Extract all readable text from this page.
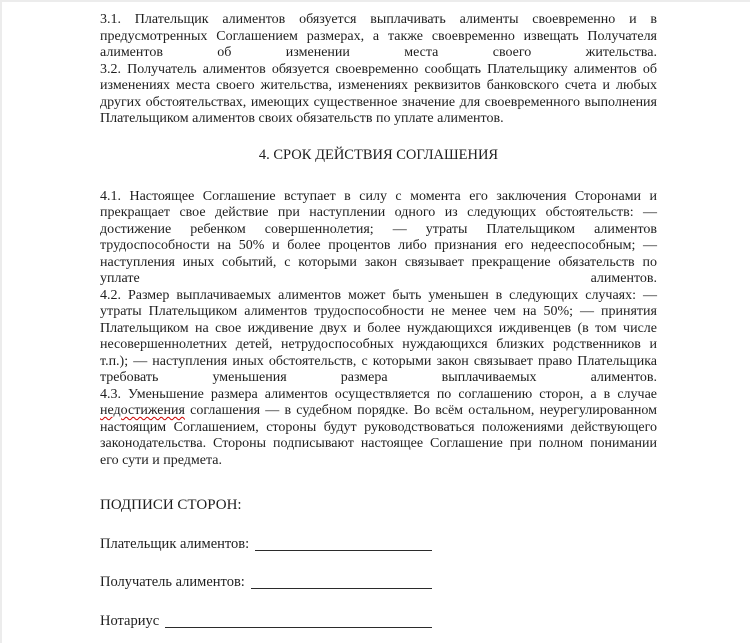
3.1. Плательщик алиментов обязуется выплачивать алименты своевременно и в
предусмотренных Соглашением размерах, а также своевременно извещать Получателя
алиментов об изменении места своего жительства.
3.2. Получатель алиментов обязуется своевременно сообщать Плательщику алиментов об
изменениях места своего жительства, изменениях реквизитов банковского счета и любых
других обстоятельствах, имеющих существенное значение для своевременного выполнения
Плательщиком алиментов своих обязательств по уплате алиментов.
4. СРОК ДЕЙСТВИЯ СОГЛАШЕНИЯ
4.1. Настоящее Соглашение вступает в силу с момента его заключения Сторонами и
прекращает свое действие при наступлении одного из следующих обстоятельств: —
достижение ребенком совершеннолетия; — утраты Плательщиком алиментов
трудоспособности на 50% и более процентов либо признания его недееспособным; —
наступления иных событий, с которыми закон связывает прекращение обязательств по
уплате алиментов.
4.2. Размер выплачиваемых алиментов может быть уменьшен в следующих случаях: —
утраты Плательщиком алиментов трудоспособности не менее чем на 50%; — принятия
Плательщиком на свое иждивение двух и более нуждающихся иждивенцев (в том числе
несовершеннолетних детей, нетрудоспособных нуждающихся близких родственников и
т.п.); — наступления иных обстоятельств, с которыми закон связывает право Плательщика
требовать уменьшения размера выплачиваемых алиментов.
4.3. Уменьшение размера алиментов осуществляется по соглашению сторон, а в случае
недостижения соглашения — в судебном порядке. Во всём остальном, неурегулированном
настоящим Соглашением, стороны будут руководствоваться положениями действующего
законодательства. Стороны подписывают настоящее Соглашение при полном понимании
его сути и предмета.
ПОДПИСИ СТОРОН:
Плательщик алиментов:
Получатель алиментов:
Нотариус
